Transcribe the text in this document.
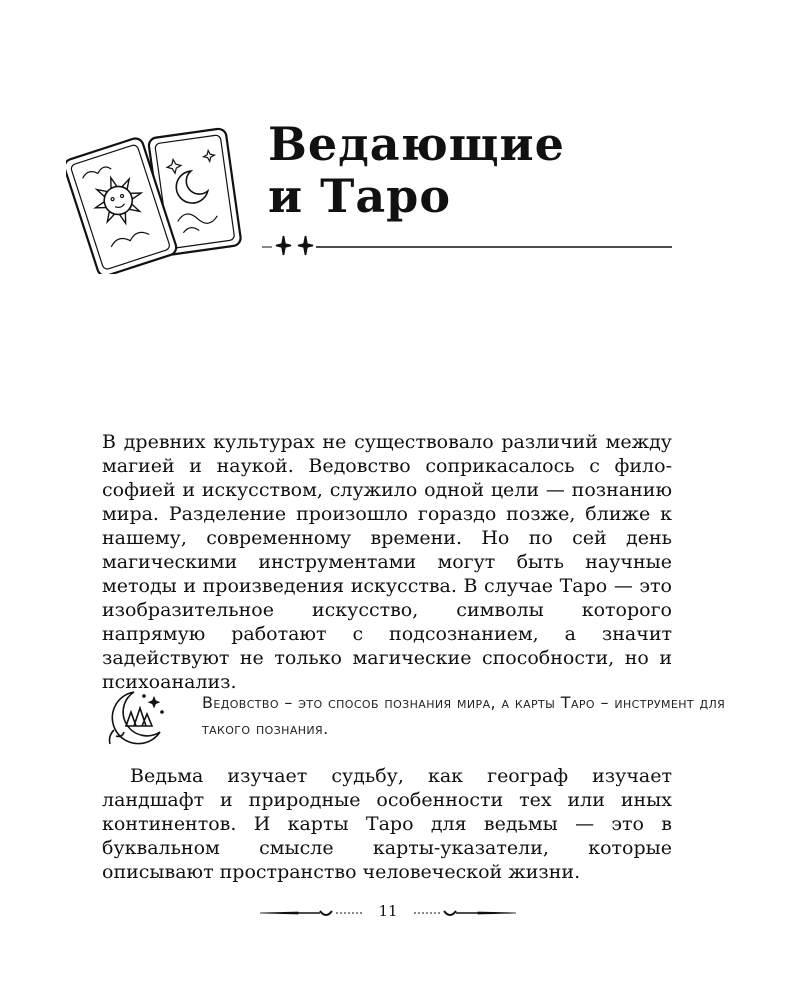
Ведающие
и Таро
В древних культурах не существовало различий между магией и наукой. Ведовство соприкасалось с философией и искусством, служило одной цели — познанию мира. Разделение произошло гораздо позже, ближе к нашему, современному времени. Но по сей день магическими инструментами могут быть научные методы и произведения искусства. В случае Таро — это изобразительное искусство, символы которого напрямую работают с подсознанием, а значит задействуют не только магические способности, но и психоанализ.
Ведовство – это способ познания мира, а карты Таро – инструмент для такого познания.
Ведьма изучает судьбу, как географ изучает ландшафт и природные особенности тех или иных континентов. И карты Таро для ведьмы — это в буквальном смысле карты-указатели, которые описывают пространство человеческой жизни.
11
